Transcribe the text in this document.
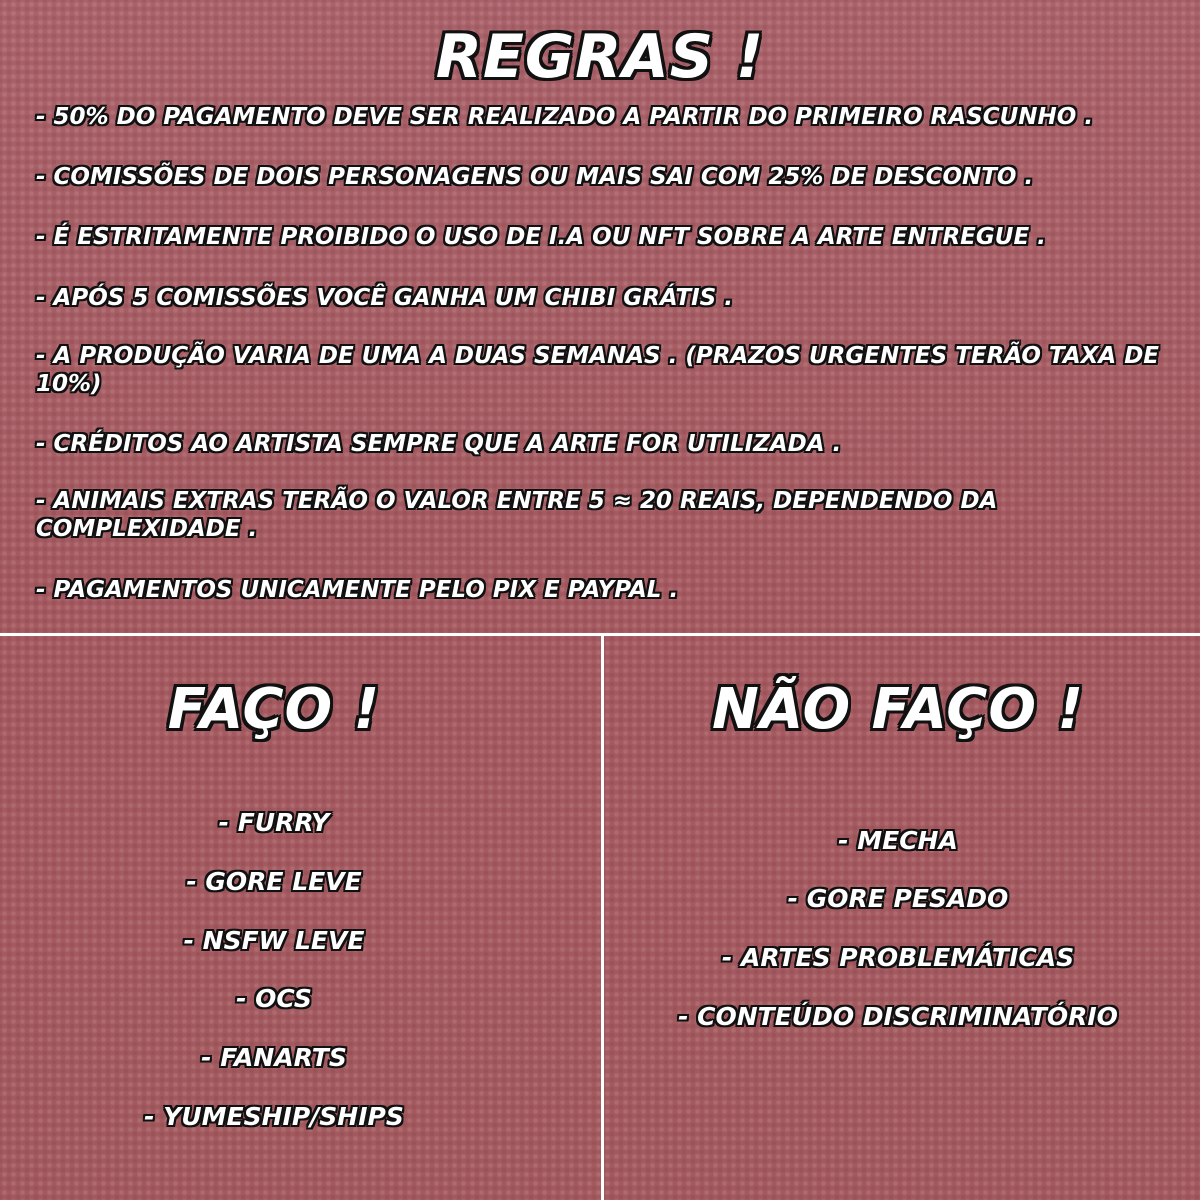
REGRAS !
- 50% DO PAGAMENTO DEVE SER REALIZADO A PARTIR DO PRIMEIRO RASCUNHO .
- COMISSÕES DE DOIS PERSONAGENS OU MAIS SAI COM 25% DE DESCONTO .
- É ESTRITAMENTE PROIBIDO O USO DE I.A OU NFT SOBRE A ARTE ENTREGUE .
- APÓS 5 COMISSÕES VOCÊ GANHA UM CHIBI GRÁTIS .
- A PRODUÇÃO VARIA DE UMA A DUAS SEMANAS . (PRAZOS URGENTES TERÃO TAXA DE 10%)
- CRÉDITOS AO ARTISTA SEMPRE QUE A ARTE FOR UTILIZADA .
- ANIMAIS EXTRAS TERÃO O VALOR ENTRE 5 ≈ 20 REAIS, DEPENDENDO DA COMPLEXIDADE .
- PAGAMENTOS UNICAMENTE PELO PIX E PAYPAL .
FAÇO !	NÃO FAÇO !
- FURRY
- GORE LEVE
- NSFW LEVE
- OCS
- FANARTS
- YUMESHIP/SHIPS
- MECHA
- GORE PESADO
- ARTES PROBLEMÁTICAS
- CONTEÚDO DISCRIMINATÓRIO
